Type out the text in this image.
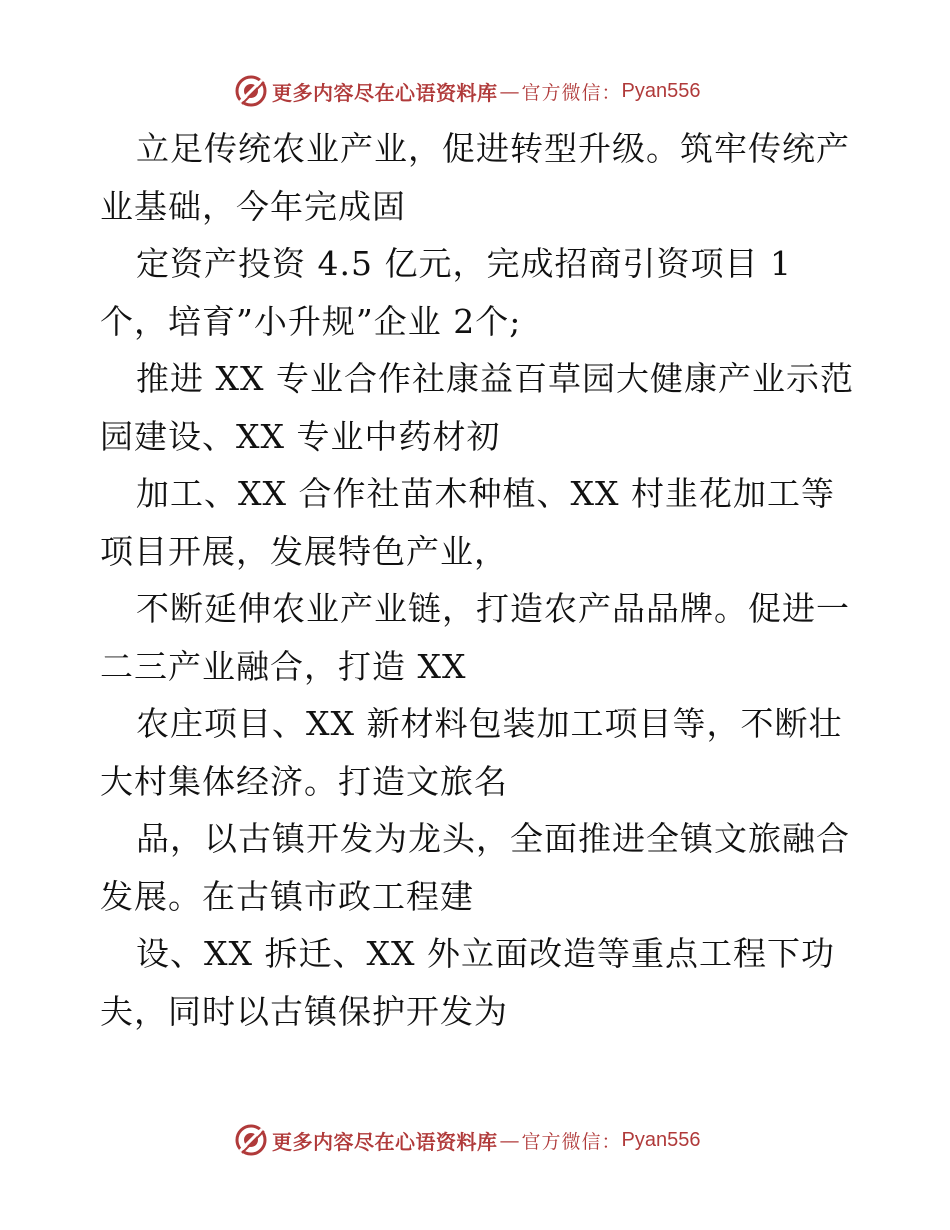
更多内容尽在心语资料库 — 官方微信： Pyan556

立足传统农业产业，促进转型升级。筑牢传统产业基础，今年完成固

定资产投资 4.5 亿元，完成招商引资项目 1 个，培育”小升规”企业 2个;

推进 XX 专业合作社康益百草园大健康产业示范园建设、XX 专业中药材初

加工、XX 合作社苗木种植、XX 村韭花加工等项目开展，发展特色产业，

不断延伸农业产业链，打造农产品品牌。促进一二三产业融合，打造 XX

农庄项目、XX 新材料包装加工项目等，不断壮大村集体经济。打造文旅名

品，以古镇开发为龙头，全面推进全镇文旅融合发展。在古镇市政工程建

设、XX 拆迁、XX 外立面改造等重点工程下功夫，同时以古镇保护开发为

更多内容尽在心语资料库 — 官方微信： Pyan556
